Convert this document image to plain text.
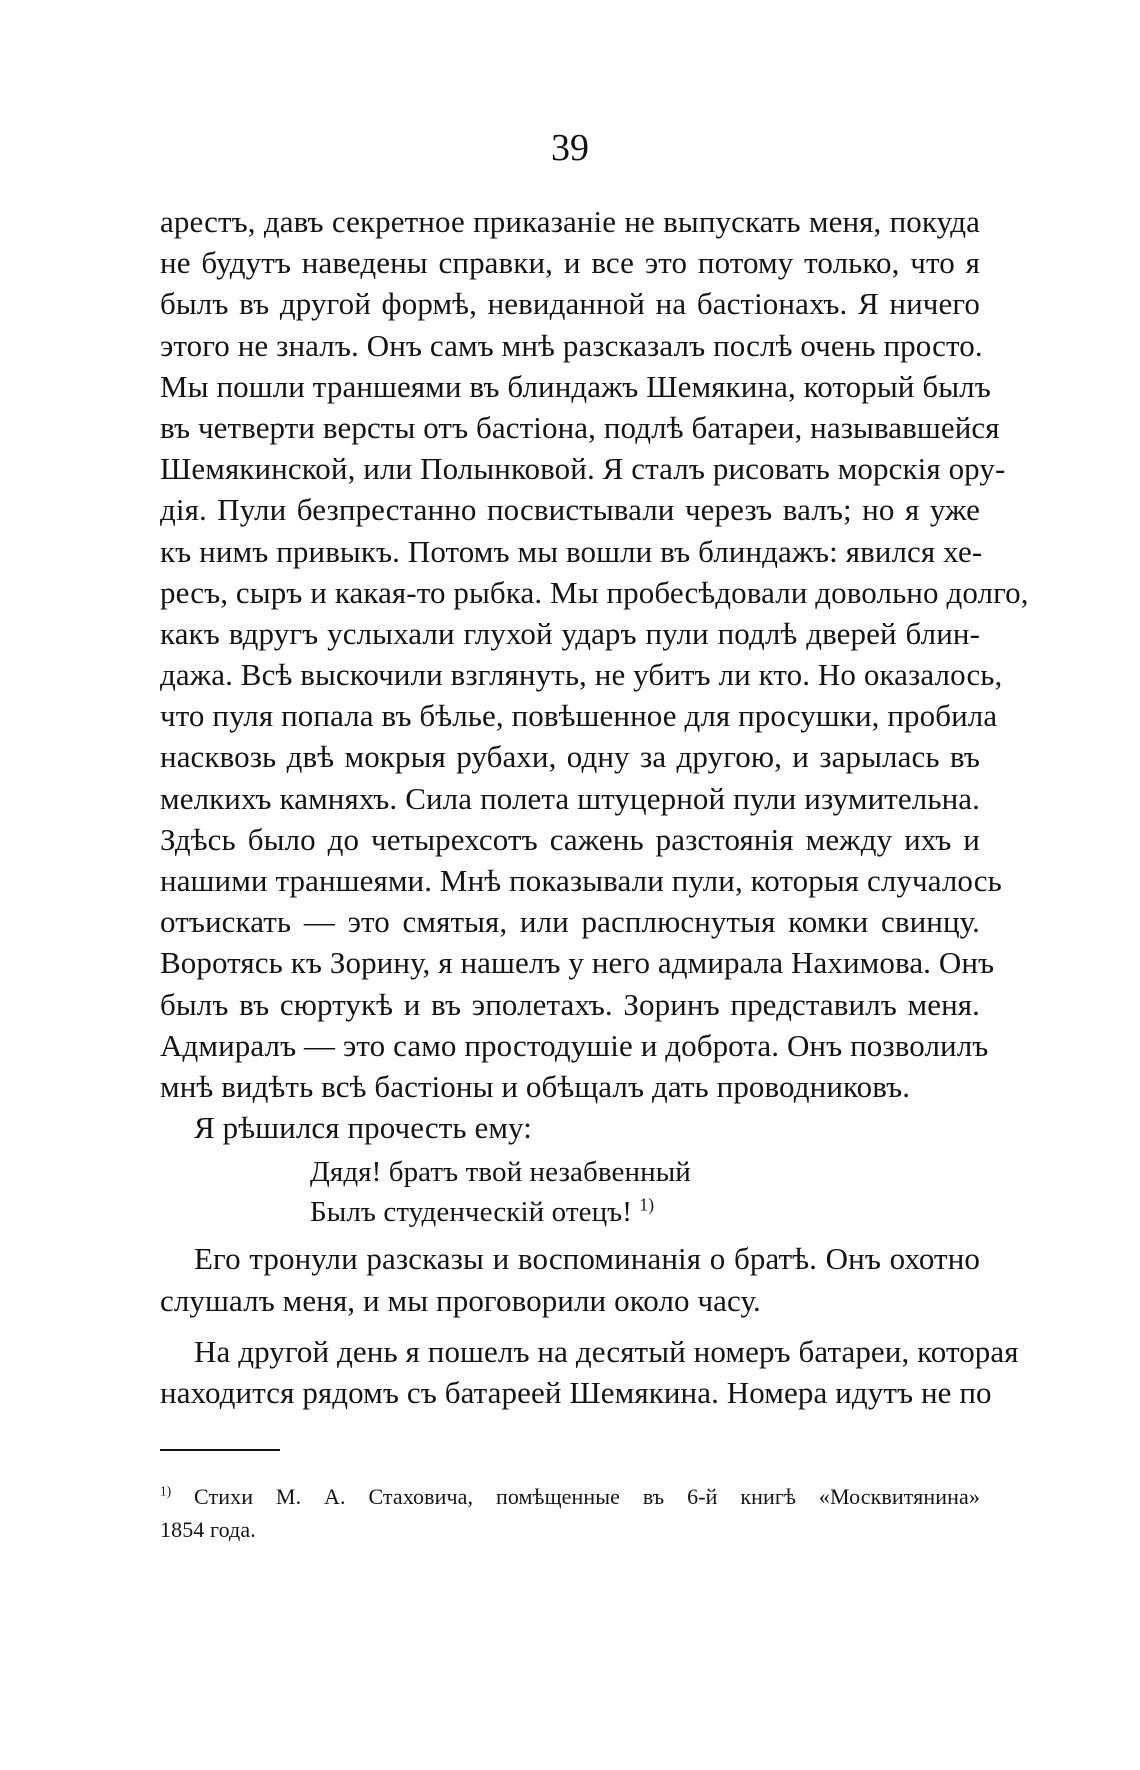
39
арестъ, давъ секретное приказаніе не выпускать меня, покуда
не будутъ наведены справки, и все это потому только, что я
былъ въ другой формѣ, невиданной на бастіонахъ. Я ничего
этого не зналъ. Онъ самъ мнѣ разсказалъ послѣ очень просто.
Мы пошли траншеями въ блиндажъ Шемякина, который былъ
въ четверти версты отъ бастіона, подлѣ батареи, называвшейся
Шемякинской, или Полынковой. Я сталъ рисовать морскія ору-
дія. Пули безпрестанно посвистывали черезъ валъ; но я уже
къ нимъ привыкъ. Потомъ мы вошли въ блиндажъ: явился хе-
ресъ, сыръ и какая-то рыбка. Мы пробесѣдовали довольно долго,
какъ вдругъ услыхали глухой ударъ пули подлѣ дверей блин-
дажа. Всѣ выскочили взглянуть, не убитъ ли кто. Но оказалось,
что пуля попала въ бѣлье, повѣшенное для просушки, пробила
насквозь двѣ мокрыя рубахи, одну за другою, и зарылась въ
мелкихъ камняхъ. Сила полета штуцерной пули изумительна.
Здѣсь было до четырехсотъ сажень разстоянія между ихъ и
нашими траншеями. Мнѣ показывали пули, которыя случалось
отъискать — это смятыя, или расплюснутыя комки свинцу.
Воротясь къ Зорину, я нашелъ у него адмирала Нахимова. Онъ
былъ въ сюртукѣ и въ эполетахъ. Зоринъ представилъ меня.
Адмиралъ — это само простодушіе и доброта. Онъ позволилъ
мнѣ видѣть всѣ бастіоны и обѣщалъ дать проводниковъ.
Я рѣшился прочесть ему:
Дядя! братъ твой незабвенный
Былъ студенческій отецъ! $^{1)}$
Его тронули разсказы и воспоминанія о братѣ. Онъ охотно
слушалъ меня, и мы проговорили около часу.
На другой день я пошелъ на десятый номеръ батареи, которая
находится рядомъ съ батареей Шемякина. Номера идутъ не по
$^{1)}$ Стихи М. А. Стаховича, помѣщенные въ 6-й книгѣ «Москвитянина»
1854 года.
